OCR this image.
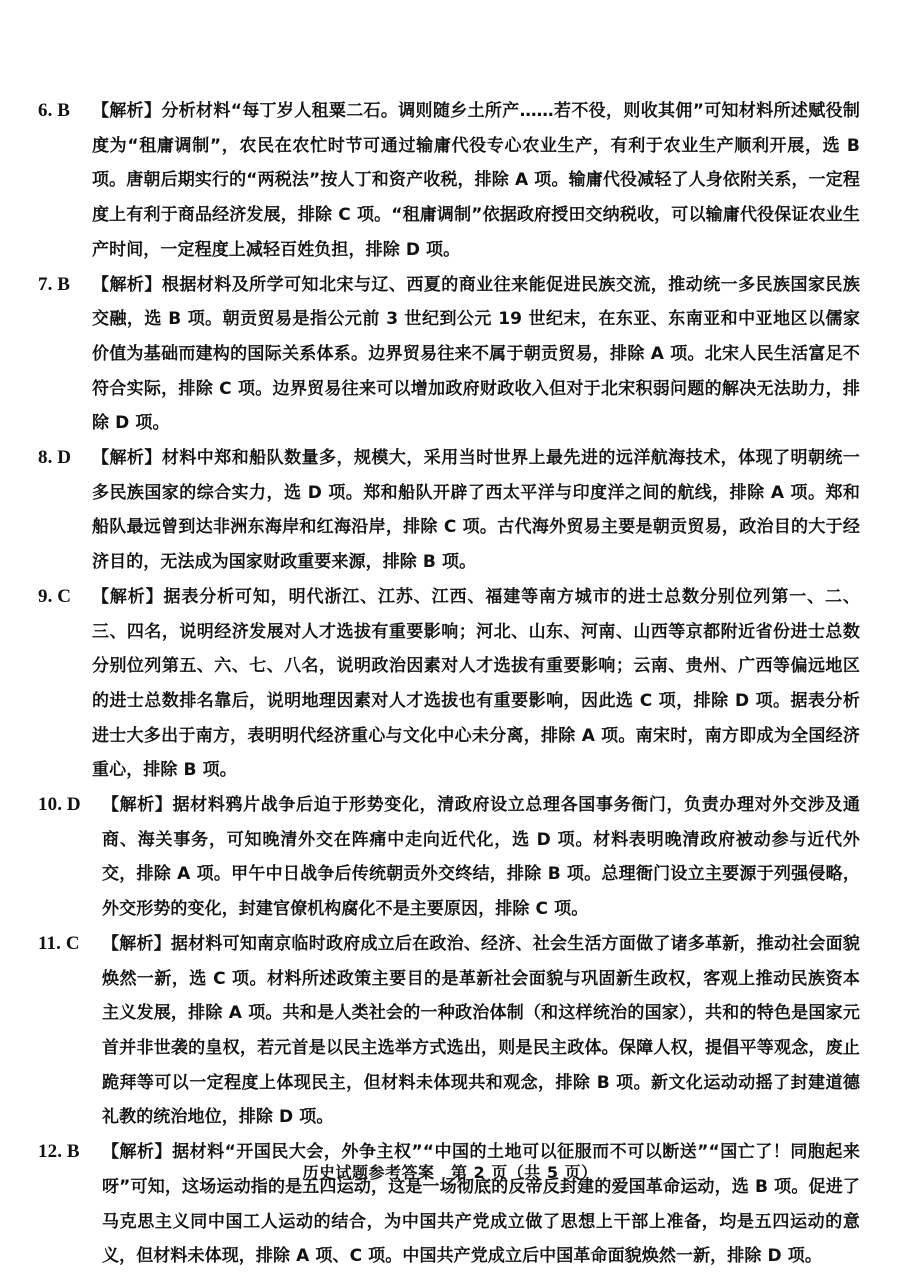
6. B 【解析】分析材料“每丁岁人租粟二石。调则随乡土所产……若不役，则收其佣”可知材料所述赋役制度为“租庸调制”，农民在农忙时节可通过输庸代役专心农业生产，有利于农业生产顺利开展，选 B 项。唐朝后期实行的“两税法”按人丁和资产收税，排除 A 项。输庸代役减轻了人身依附关系，一定程度上有利于商品经济发展，排除 C 项。“租庸调制”依据政府授田交纳税收，可以输庸代役保证农业生产时间，一定程度上减轻百姓负担，排除 D 项。
7. B 【解析】根据材料及所学可知北宋与辽、西夏的商业往来能促进民族交流，推动统一多民族国家民族交融，选 B 项。朝贡贸易是指公元前 3 世纪到公元 19 世纪末，在东亚、东南亚和中亚地区以儒家价值为基础而建构的国际关系体系。边界贸易往来不属于朝贡贸易，排除 A 项。北宋人民生活富足不符合实际，排除 C 项。边界贸易往来可以增加政府财政收入但对于北宋积弱问题的解决无法助力，排除 D 项。
8. D 【解析】材料中郑和船队数量多，规模大，采用当时世界上最先进的远洋航海技术，体现了明朝统一多民族国家的综合实力，选 D 项。郑和船队开辟了西太平洋与印度洋之间的航线，排除 A 项。郑和船队最远曾到达非洲东海岸和红海沿岸，排除 C 项。古代海外贸易主要是朝贡贸易，政治目的大于经济目的，无法成为国家财政重要来源，排除 B 项。
9. C 【解析】据表分析可知，明代浙江、江苏、江西、福建等南方城市的进士总数分别位列第一、二、三、四名，说明经济发展对人才选拔有重要影响；河北、山东、河南、山西等京都附近省份进士总数分别位列第五、六、七、八名，说明政治因素对人才选拔有重要影响；云南、贵州、广西等偏远地区的进士总数排名靠后，说明地理因素对人才选拔也有重要影响，因此选 C 项，排除 D 项。据表分析进士大多出于南方，表明明代经济重心与文化中心未分离，排除 A 项。南宋时，南方即成为全国经济重心，排除 B 项。
10. D 【解析】据材料鸦片战争后迫于形势变化，清政府设立总理各国事务衙门，负责办理对外交涉及通商、海关事务，可知晚清外交在阵痛中走向近代化，选 D 项。材料表明晚清政府被动参与近代外交，排除 A 项。甲午中日战争后传统朝贡外交终结，排除 B 项。总理衙门设立主要源于列强侵略，外交形势的变化，封建官僚机构腐化不是主要原因，排除 C 项。
11. C 【解析】据材料可知南京临时政府成立后在政治、经济、社会生活方面做了诸多革新，推动社会面貌焕然一新，选 C 项。材料所述政策主要目的是革新社会面貌与巩固新生政权，客观上推动民族资本主义发展，排除 A 项。共和是人类社会的一种政治体制（和这样统治的国家），共和的特色是国家元首并非世袭的皇权，若元首是以民主选举方式选出，则是民主政体。保障人权，提倡平等观念，废止跪拜等可以一定程度上体现民主，但材料未体现共和观念，排除 B 项。新文化运动动摇了封建道德礼教的统治地位，排除 D 项。
12. B 【解析】据材料“开国民大会，外争主权”“中国的土地可以征服而不可以断送”“国亡了！同胞起来呀”可知，这场运动指的是五四运动，这是一场彻底的反帝反封建的爱国革命运动，选 B 项。促进了马克思主义同中国工人运动的结合，为中国共产党成立做了思想上干部上准备，均是五四运动的意义，但材料未体现，排除 A 项、C 项。中国共产党成立后中国革命面貌焕然一新，排除 D 项。
历史试题参考答案　第 2 页（共 5 页）
